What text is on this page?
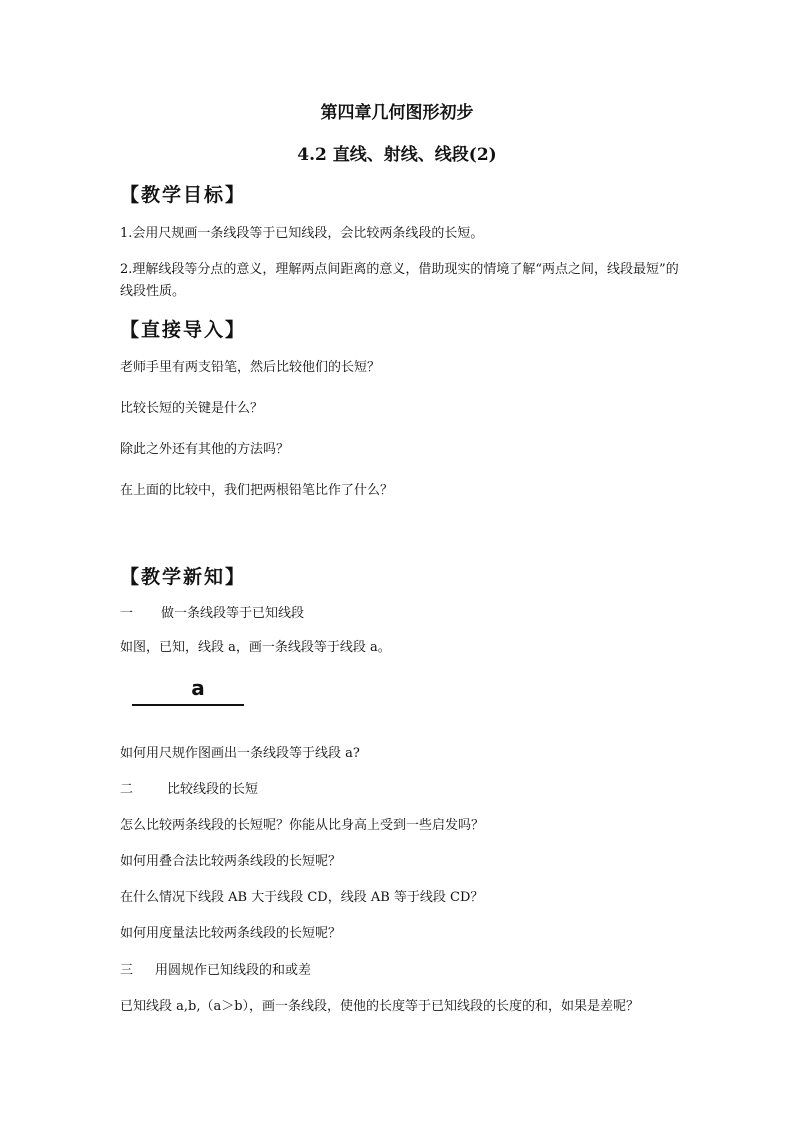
第四章几何图形初步

4.2 直线、射线、线段(2)

【教学目标】

1.会用尺规画一条线段等于已知线段，会比较两条线段的长短。

2.理解线段等分点的意义，理解两点间距离的意义，借助现实的情境了解“两点之间，线段最短”的线段性质。

【直接导入】

老师手里有两支铅笔，然后比较他们的长短？

比较长短的关键是什么？

除此之外还有其他的方法吗？

在上面的比较中，我们把两根铅笔比作了什么？

【教学新知】

一 做一条线段等于已知线段

如图，已知，线段 a，画一条线段等于线段 a。

a

如何用尺规作图画出一条线段等于线段 a?

二	比较线段的长短

怎么比较两条线段的长短呢？你能从比身高上受到一些启发吗？

如何用叠合法比较两条线段的长短呢？

在什么情况下线段 AB 大于线段 CD，线段 AB 等于线段 CD？

如何用度量法比较两条线段的长短呢？

三 用圆规作已知线段的和或差

已知线段 a,b,（a＞b），画一条线段，使他的长度等于已知线段的长度的和，如果是差呢？
